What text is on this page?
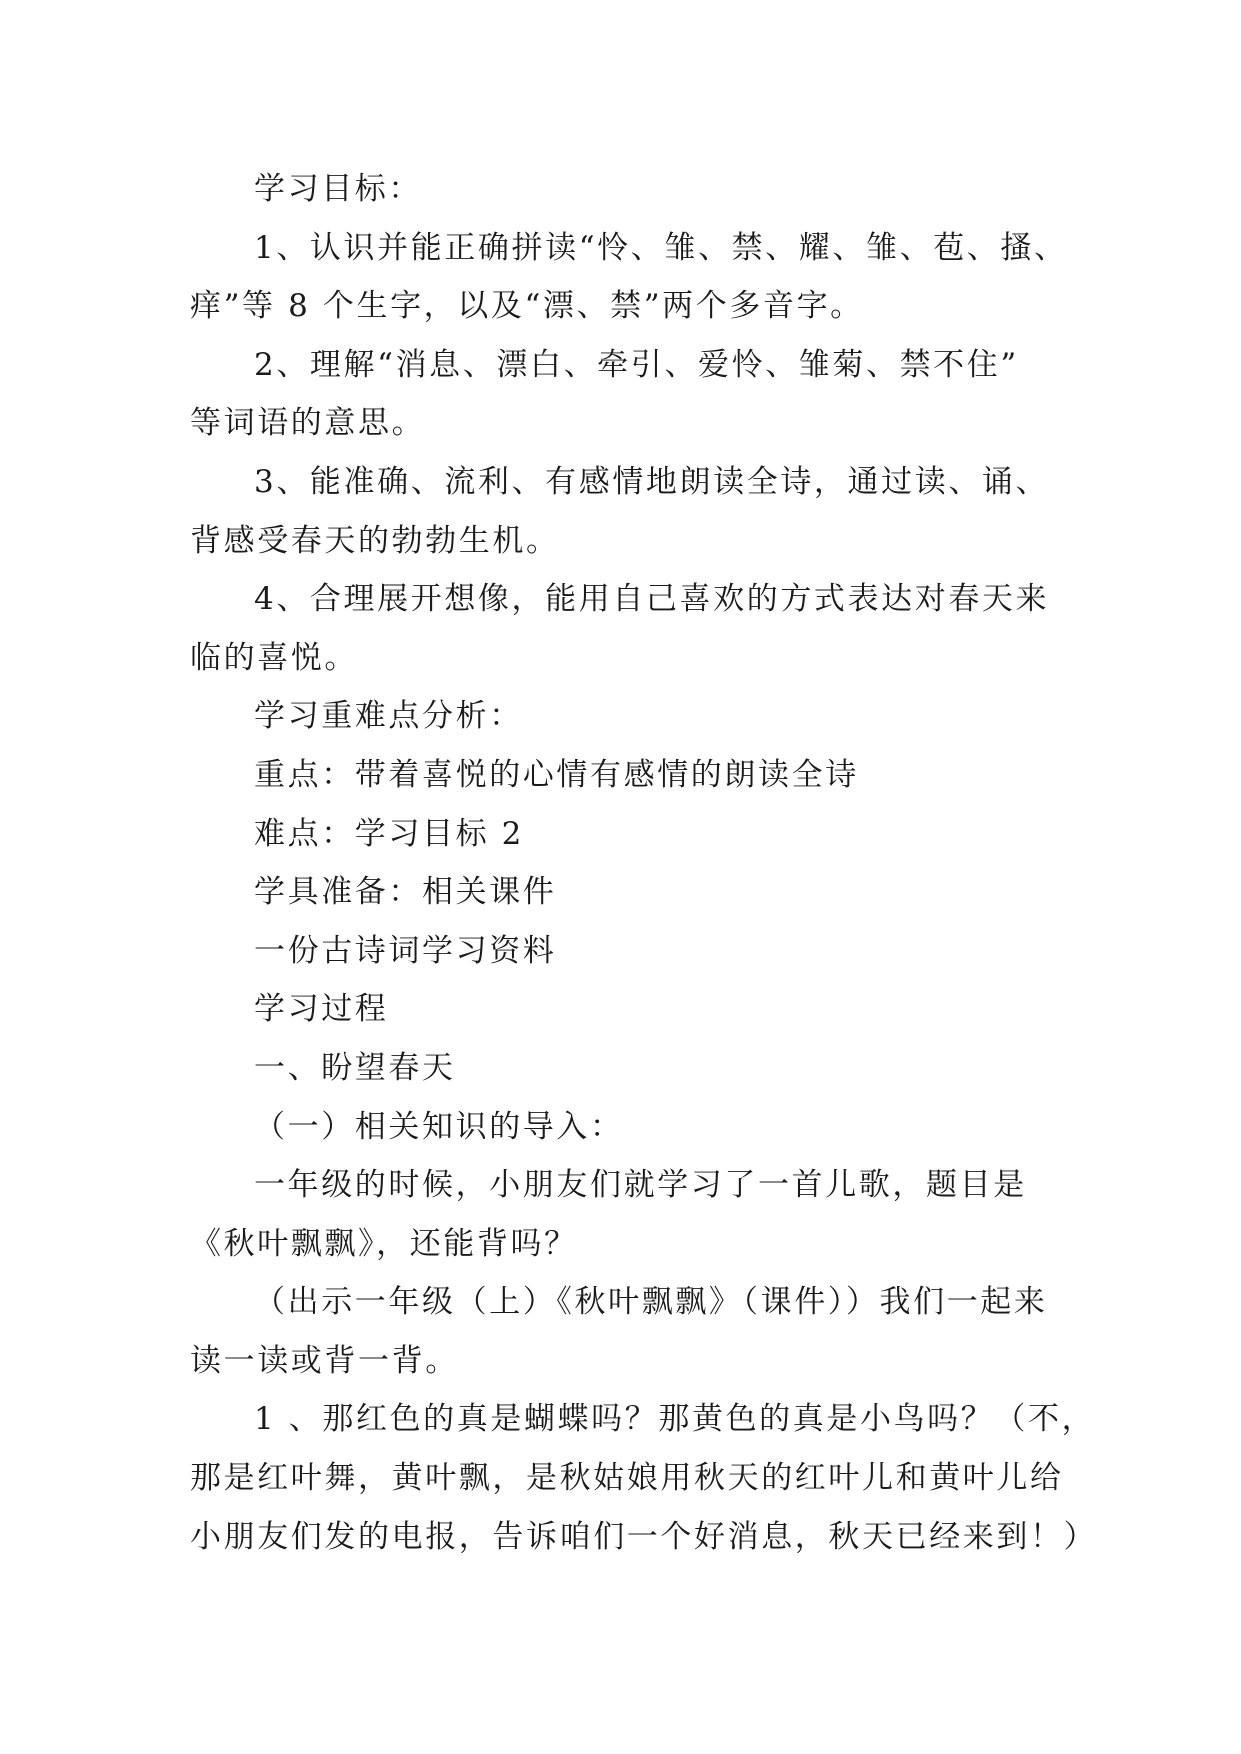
学习目标：
1、认识并能正确拼读“怜、雏、禁、耀、雏、苞、搔、
痒”等 8 个生字，以及“漂、禁”两个多音字。
2、理解“消息、漂白、牵引、爱怜、雏菊、禁不住”
等词语的意思。
3、能准确、流利、有感情地朗读全诗，通过读、诵、
背感受春天的勃勃生机。
4、合理展开想像，能用自己喜欢的方式表达对春天来
临的喜悦。
学习重难点分析：
重点：带着喜悦的心情有感情的朗读全诗
难点：学习目标 2
学具准备：相关课件
一份古诗词学习资料
学习过程
一、盼望春天
（一）相关知识的导入：
一年级的时候，小朋友们就学习了一首儿歌，题目是
《秋叶飘飘》，还能背吗？
（出示一年级（上）《秋叶飘飘》（课件））我们一起来
读一读或背一背。
1 、那红色的真是蝴蝶吗？那黄色的真是小鸟吗？（不，
那是红叶舞，黄叶飘，是秋姑娘用秋天的红叶儿和黄叶儿给
小朋友们发的电报，告诉咱们一个好消息，秋天已经来到！）
